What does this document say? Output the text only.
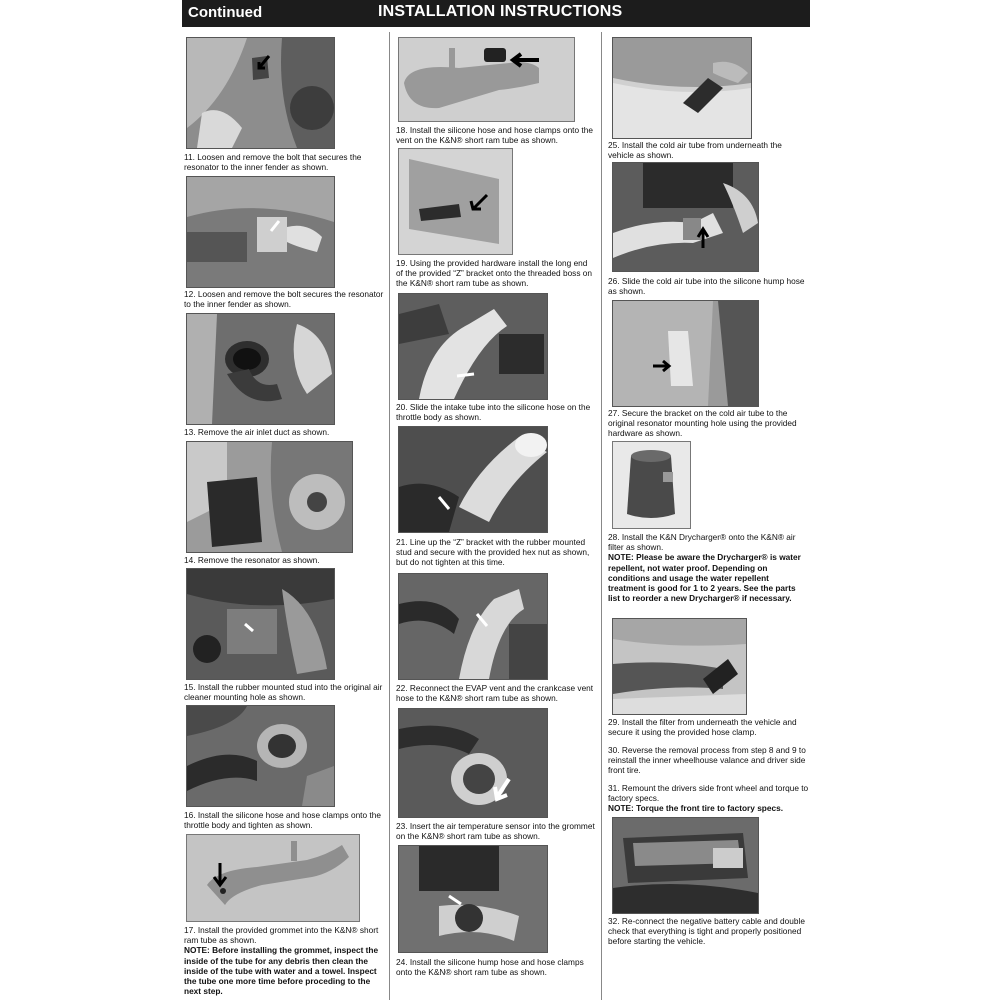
Continued	INSTALLATION INSTRUCTIONS

11. Loosen and remove the bolt that secures the resonator to the inner fender as shown.

12. Loosen and remove the bolt secures the resonator to the inner fender as shown.

13. Remove the air inlet duct as shown.

14. Remove the resonator as shown.

15. Install the rubber mounted stud into the original air cleaner mounting hole as shown.

16. Install the silicone hose and hose clamps onto the throttle body and tighten as shown.

17. Install the provided grommet into the K&N® short ram tube as shown.

NOTE: Before installing the grommet, inspect the inside of the tube for any debris then clean the inside of the tube with water and a towel. Inspect the tube one more time before proceding to the next step.

18. Install the silicone hose and hose clamps onto the vent on the K&N® short ram tube as shown.

19. Using the provided hardware install the long end of the provided “Z” bracket onto the threaded boss on the K&N® short ram tube as shown.

20. Slide the intake tube into the silicone hose on the throttle body as shown.

21. Line up the “Z” bracket with the rubber mounted stud and secure with the provided hex nut as shown, but do not tighten at this time.

22. Reconnect the EVAP vent and the crankcase vent hose to the K&N® short ram tube as shown.

23. Insert the air temperature sensor into the grommet on the K&N® short ram tube as shown.

24. Install the silicone hump hose and hose clamps onto the K&N® short ram tube as shown.

25. Install the cold air tube from underneath the vehicle as shown.

26. Slide the cold air tube into the silicone hump hose as shown.

27. Secure the bracket on the cold air tube to the original resonator mounting hole using the provided hardware as shown.

28. Install the K&N Drycharger® onto the K&N® air filter as shown.

NOTE: Please be aware the Drycharger® is water repellent, not water proof. Depending on conditions and usage the water repellent treatment is good for 1 to 2 years. See the parts list to reorder a new Drycharger® if necessary.

29. Install the filter from underneath the vehicle and secure it using the provided hose clamp.

30. Reverse the removal process from step 8 and 9 to reinstall the inner wheelhouse valance and driver side front tire.

31. Remount the drivers side front wheel and torque to factory specs.

NOTE: Torque the front tire to factory specs.

32. Re-connect the negative battery cable and double check that everything is tight and properly positioned before starting the vehicle.
